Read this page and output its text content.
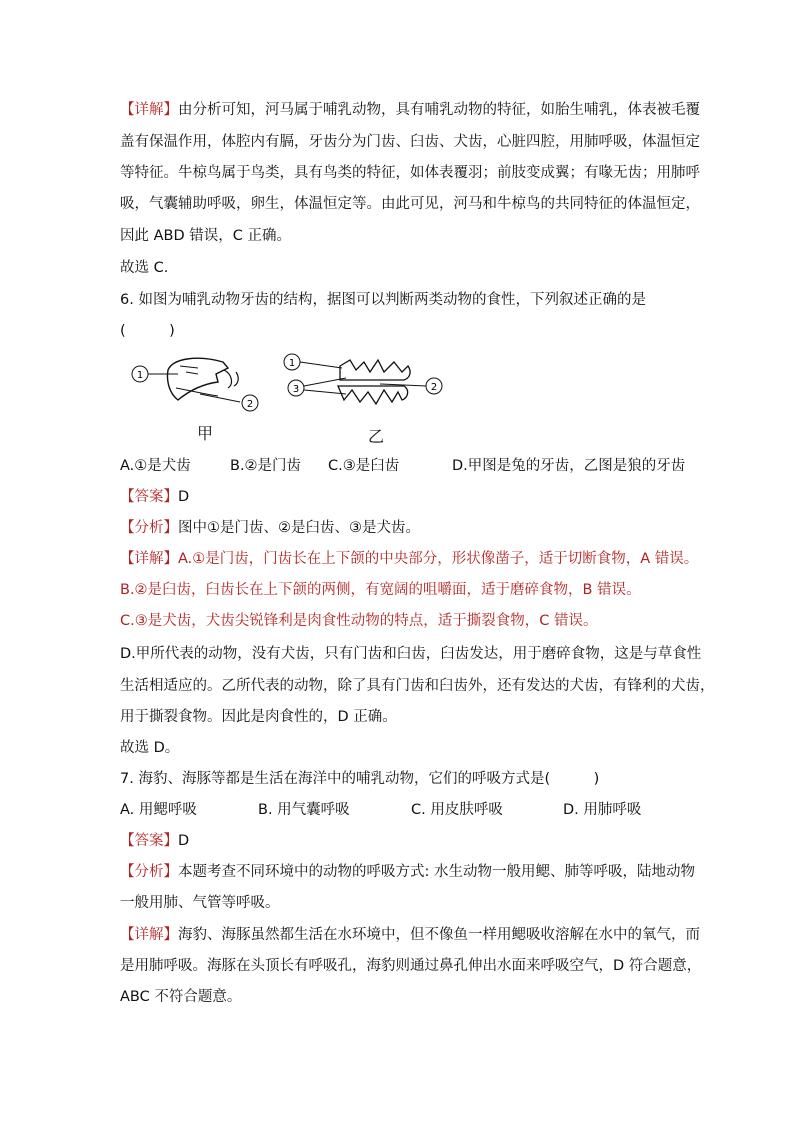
【详解】由分析可知，河马属于哺乳动物，具有哺乳动物的特征，如胎生哺乳，体表被毛覆
盖有保温作用，体腔内有膈，牙齿分为门齿、臼齿、犬齿，心脏四腔，用肺呼吸，体温恒定
等特征。牛椋鸟属于鸟类，具有鸟类的特征，如体表覆羽；前肢变成翼；有喙无齿；用肺呼
吸，气囊辅助呼吸，卵生，体温恒定等。由此可见，河马和牛椋鸟的共同特征的体温恒定，
因此 ABD 错误，C 正确。
故选 C.
6. 如图为哺乳动物牙齿的结构，据图可以判断两类动物的食性，下列叙述正确的是
(　　　)
1
2
1
3	2
甲	乙
A.①是犬齿	B.②是门齿 C.③是臼齿	D.甲图是兔的牙齿，乙图是狼的牙齿
【答案】D
【分析】图中①是门齿、②是臼齿、③是犬齿。
【详解】A.①是门齿，门齿长在上下颌的中央部分，形状像凿子，适于切断食物，A 错误。
B.②是臼齿，臼齿长在上下颌的两侧，有宽阔的咀嚼面，适于磨碎食物，B 错误。
C.③是犬齿，犬齿尖锐锋利是肉食性动物的特点，适于撕裂食物，C 错误。
D.甲所代表的动物，没有犬齿，只有门齿和臼齿，臼齿发达，用于磨碎食物，这是与草食性
生活相适应的。乙所代表的动物，除了具有门齿和臼齿外，还有发达的犬齿，有锋利的犬齿，
用于撕裂食物。因此是肉食性的，D 正确。
故选 D。
7. 海豹、海豚等都是生活在海洋中的哺乳动物，它们的呼吸方式是(　　　)
A. 用鳃呼吸	B. 用气囊呼吸	C. 用皮肤呼吸	D. 用肺呼吸
【答案】D
【分析】本题考查不同环境中的动物的呼吸方式: 水生动物一般用鳃、肺等呼吸，陆地动物
一般用肺、气管等呼吸。
【详解】海豹、海豚虽然都生活在水环境中，但不像鱼一样用鳃吸收溶解在水中的氧气，而
是用肺呼吸。海豚在头顶长有呼吸孔，海豹则通过鼻孔伸出水面来呼吸空气，D 符合题意，
ABC 不符合题意。
